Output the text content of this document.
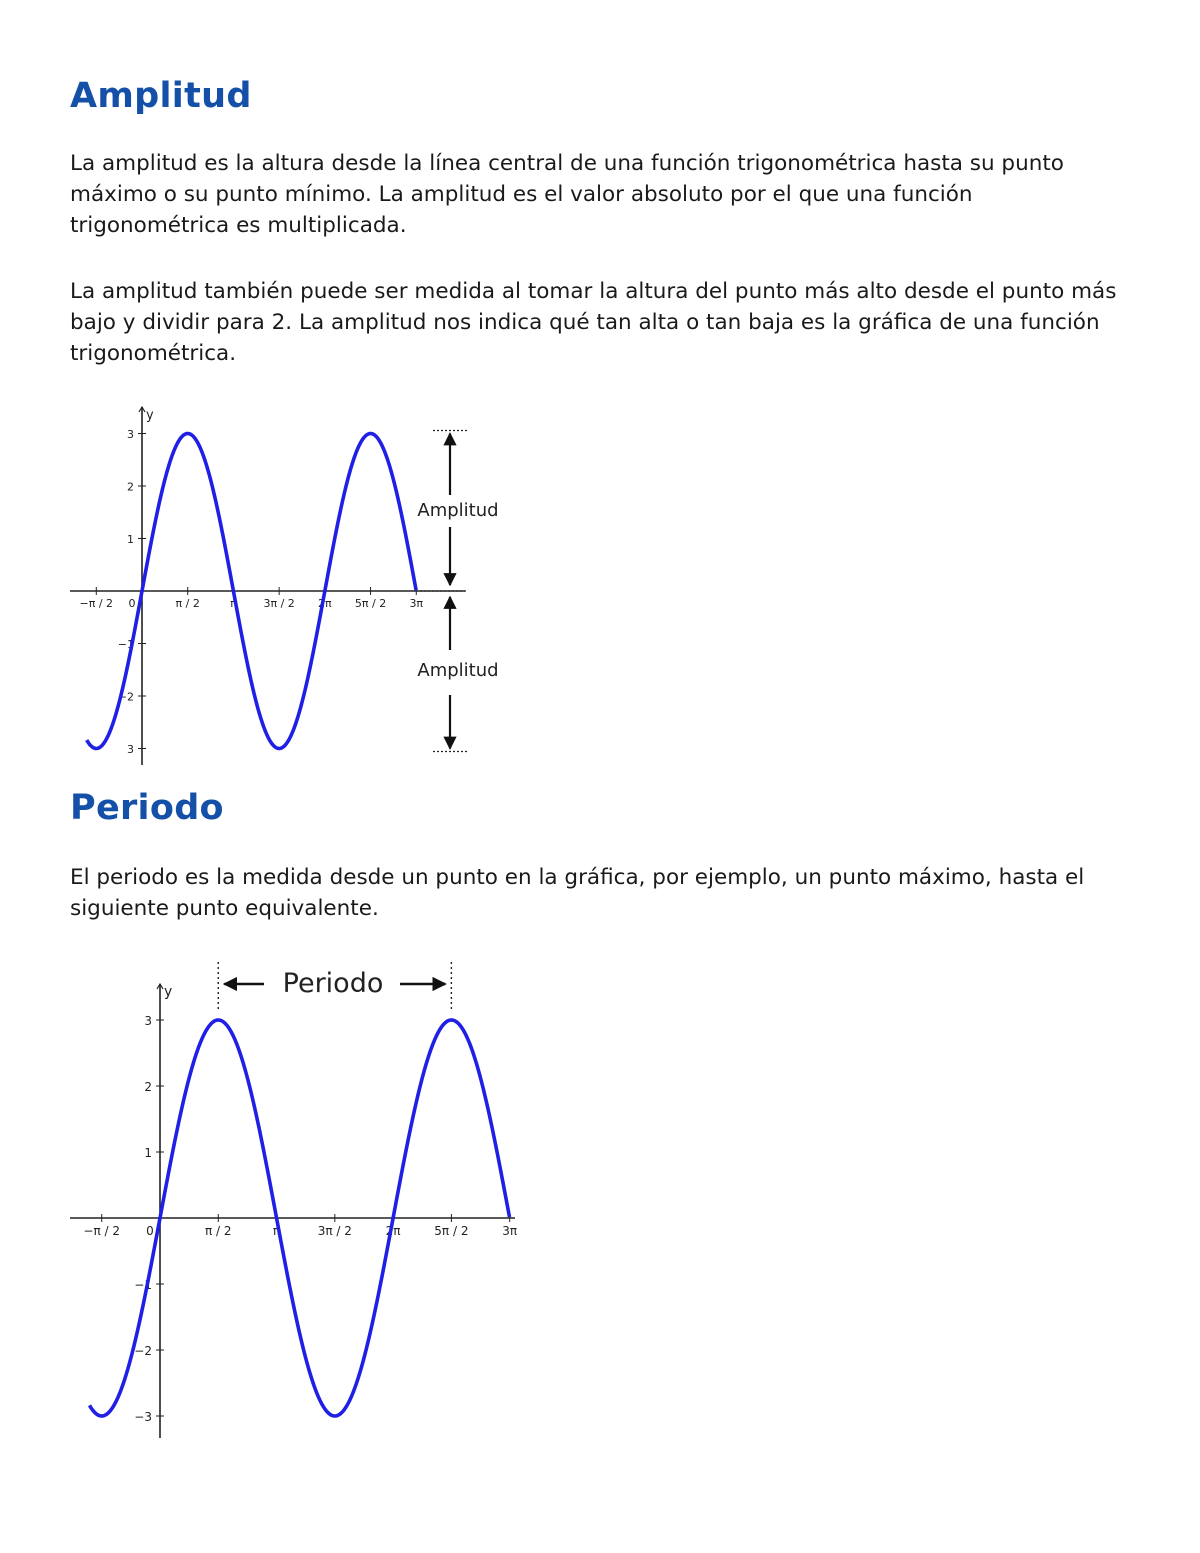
Amplitud

La amplitud es la altura desde la línea central de una función trigonométrica hasta su punto máximo o su punto mínimo. La amplitud es el valor absoluto por el que una función trigonométrica es multiplicada.

La amplitud también puede ser medida al tomar la altura del punto más alto desde el punto más bajo y dividir para 2. La amplitud nos indica qué tan alta o tan baja es la gráfica de una función trigonométrica.

y
−π / 2 0	π / 2	π 3π / 2 2π 5π / 2 3π
3
2
1
−1
−2
3
Amplitud
Amplitud
Periodo

El periodo es la medida desde un punto en la gráfica, por ejemplo, un punto máximo, hasta el siguiente punto equivalente.

y
−π / 2 0	π / 2	π	3π / 2	2π	5π / 2	3π
3
2
1
−1
−2
−3
Periodo
